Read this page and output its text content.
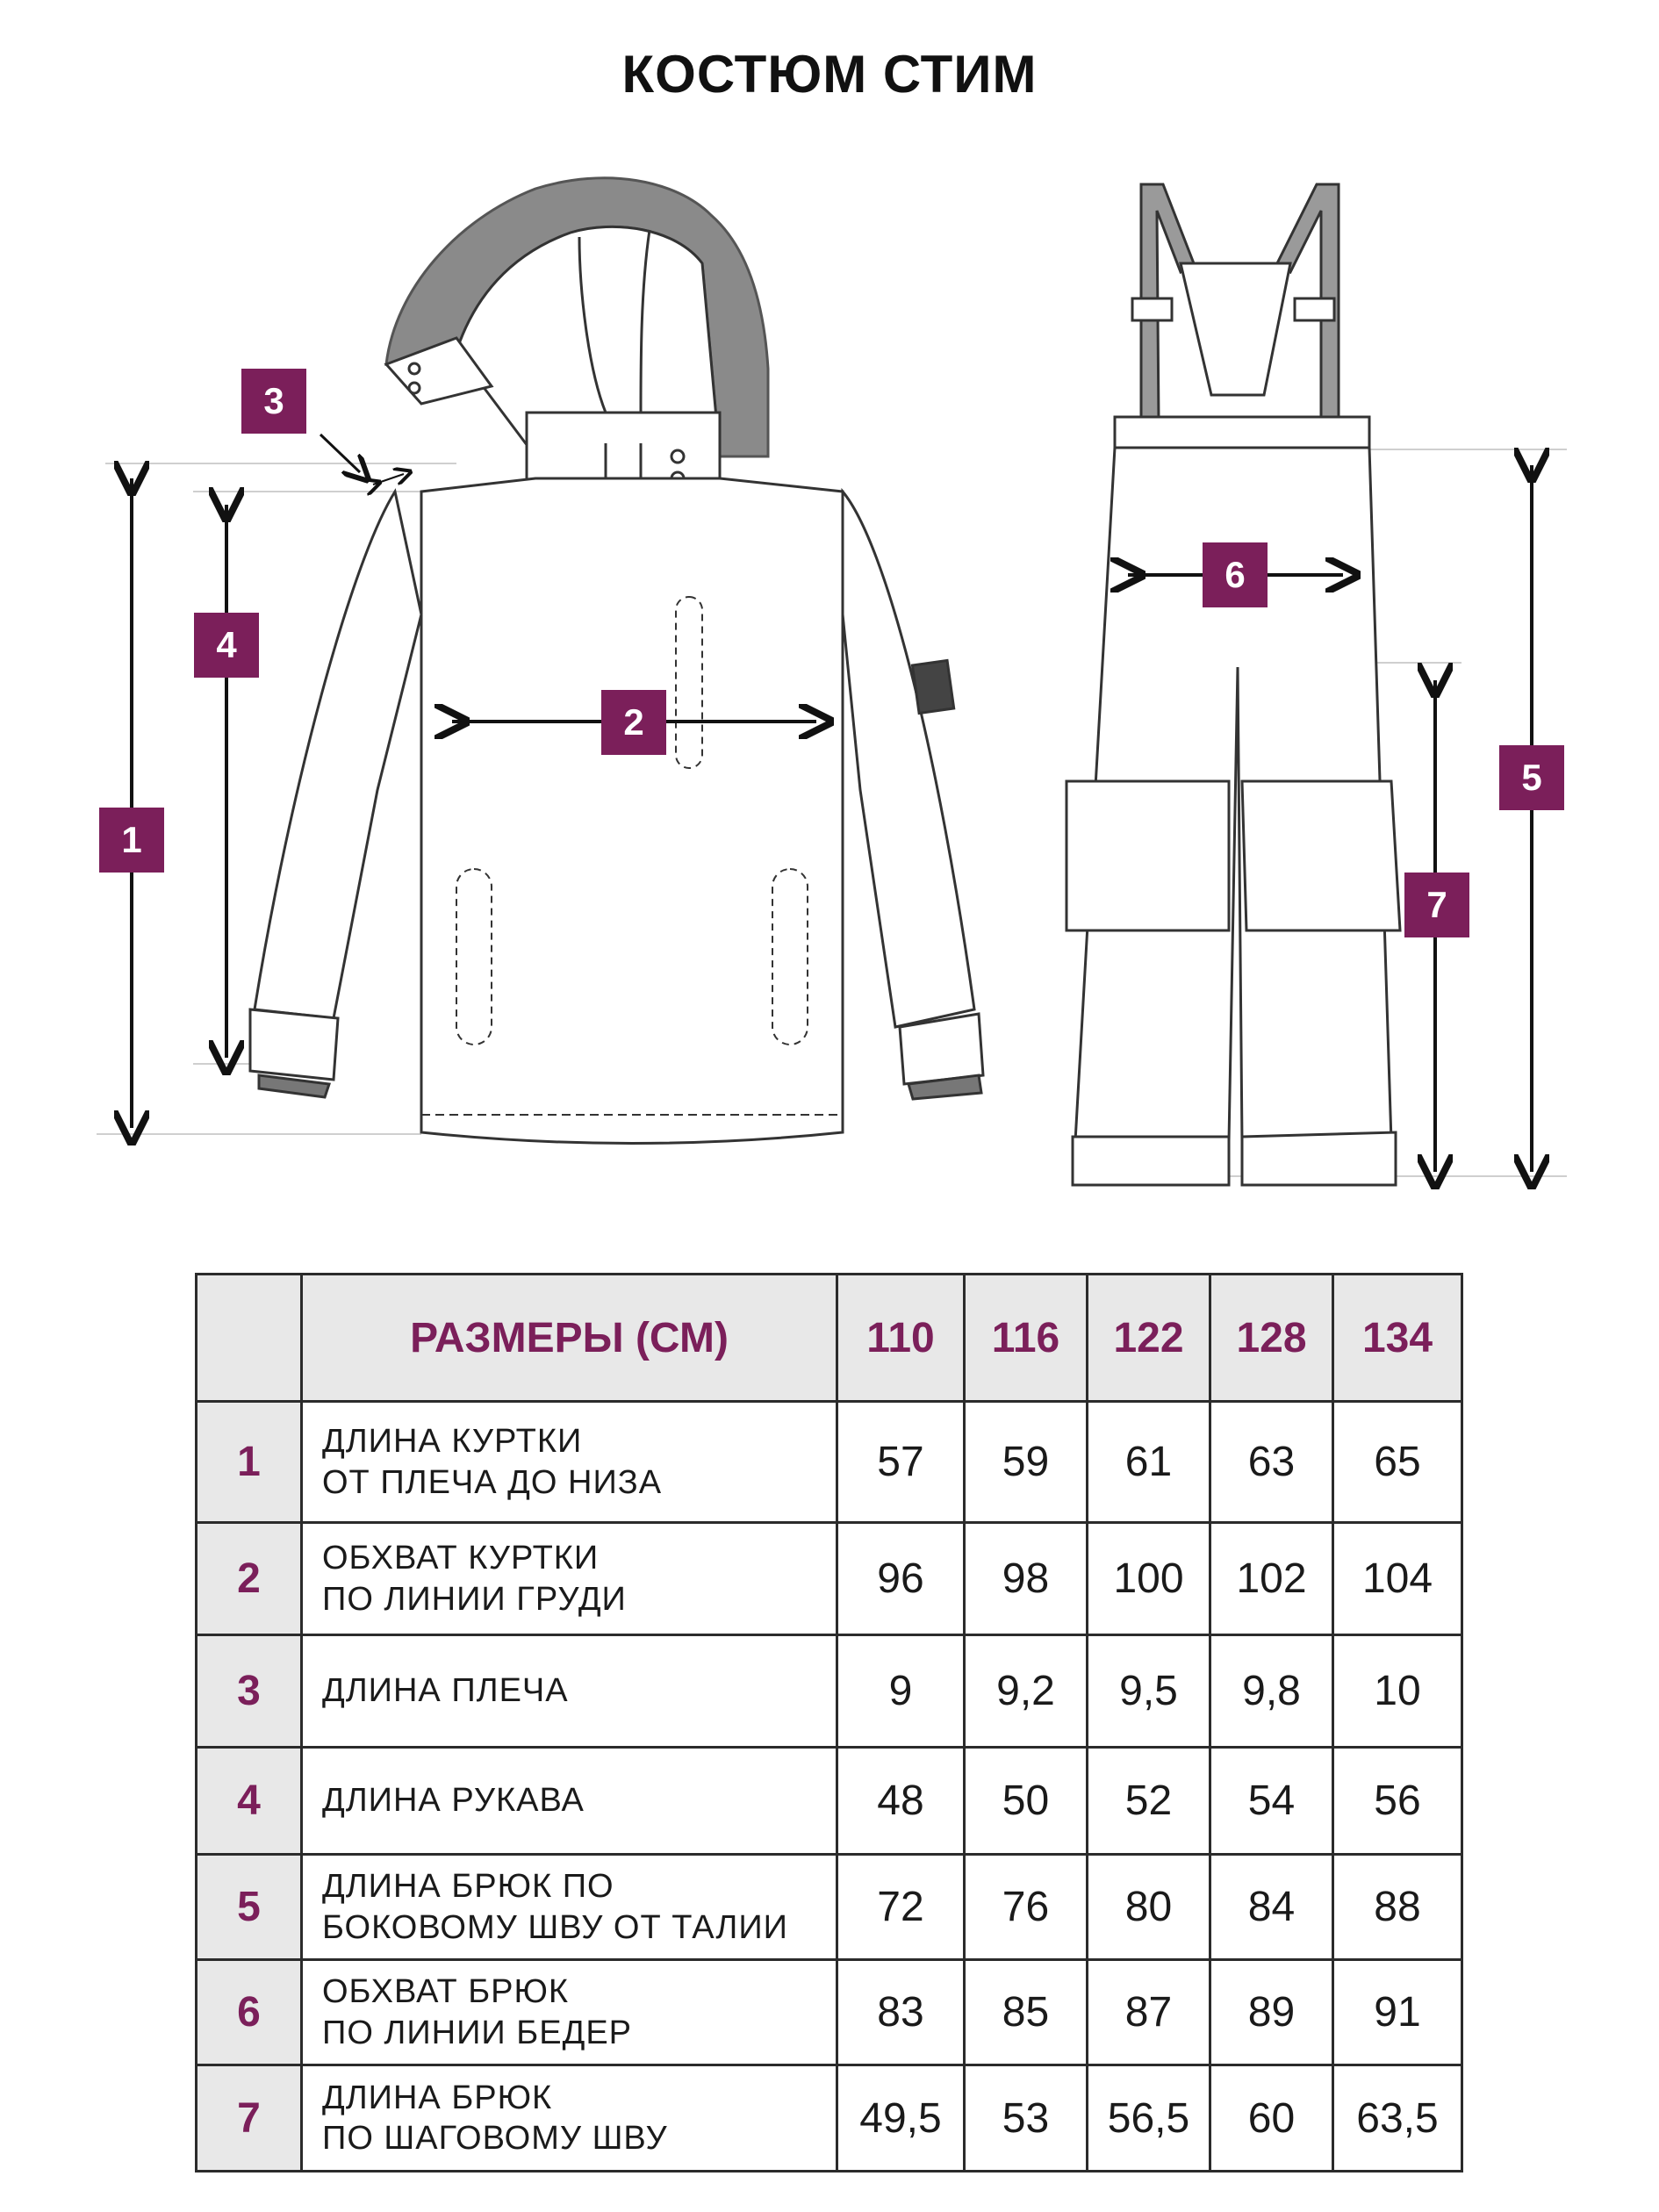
КОСТЮМ СТИМ
1
2
3
4
5
6
7
	РАЗМЕРЫ (СМ)	110	116	122	128	134
1	ДЛИНА КУРТКИ
ОТ ПЛЕЧА ДО НИЗА	57	59	61	63	65
2	ОБХВАТ КУРТКИ
ПО ЛИНИИ ГРУДИ	96	98	100	102	104
3	ДЛИНА ПЛЕЧА	9	9,2	9,5	9,8	10
4	ДЛИНА РУКАВА	48	50	52	54	56
5	ДЛИНА БРЮК ПО
БОКОВОМУ ШВУ ОТ ТАЛИИ	72	76	80	84	88
6	ОБХВАТ БРЮК
ПО ЛИНИИ БЕДЕР	83	85	87	89	91
7	ДЛИНА БРЮК
ПО ШАГОВОМУ ШВУ	49,5	53	56,5	60	63,5
